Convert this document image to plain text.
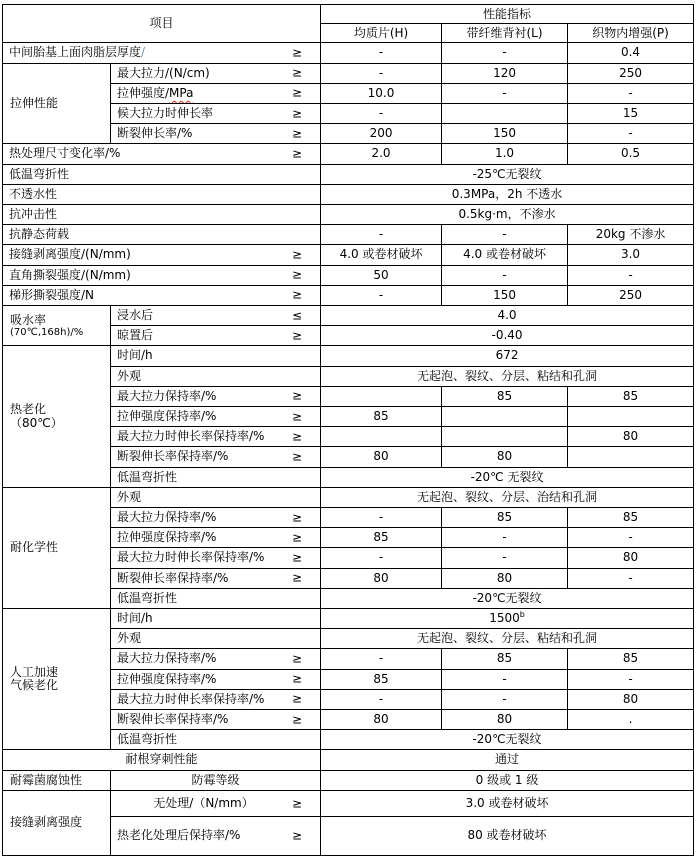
项目		性能指标		
		均质片(H)	带纤维背衬(L)	织物内增强(P)
中间胎基上面肉脂层厚度/ ≥		-	-	0.4
拉伸性能	最大拉力/(N/cm) ≥	-	120	250
	拉伸强度/MPa ≥	10.0	-	-
	候大拉力时伸长率 ≥	-		15
	断裂伸长率/% ≥	200	150	-
热处理尺寸变化率/% ≥		2.0	1.0	0.5
低温弯折性		-25℃无裂纹		
不透水性		0.3MPa，2h 不透水		
抗冲击性		0.5kg·m，不渗水		
抗静态荷载		-	-	20kg 不渗水
接缝剥离强度/(N/mm) ≥		4.0 或卷材破坏	4.0 或卷材破坏	3.0
直角撕裂强度/(N/mm) ≥		50	-	-
梯形撕裂强度/N ≥		-	150	250

吸水率
(70℃,168h)/%
	浸水后	≤	4.0
	晾置后 ≥	-0.40		

热老化
（80℃）	时间/h	672		
	外观	无起泡、裂纹、分层、粘结和孔洞		
	最大拉力保持率/% ≥		85	85
	拉伸强度保持率/% ≥	85		
	最大拉力时伸长率保持率/% ≥			80
	断裂伸长率保持率/% ≥	80	80	
	低温弯折性	-20℃ 无裂纹		
耐化学性	外观	无起泡、裂纹、分层、治结和孔洞		
	最大拉力保持率/% ≥	-	85	85
	拉伸强度保持率/% ≥	85	-	-
	最大拉力时伸长率保持率/% ≥	-	-	80
	断裂伸长率保持率/% ≥	80	80	-
	低温弯折性	-20℃无裂纹		

人工加速
气候老化	时间/h	1500$^b$
	外观	无起泡、裂纹、分层、粘结和孔洞		
	最大拉力保持率/% ≥	-	85	85
	拉伸强度保持率/% ≥	85	-	-
	最大拉力时伸长率保持率/% ≥	-	-	80
	断裂伸长率保持率/% ≥	80	80	.
	低温弯折性	-20℃无裂纹		
耐根穿刺性能		通过		
耐霉菌腐蚀性	防霉等级	0 级或 1 级		
接缝剥离强度	无处理/（N/mm） ≥	3.0 或卷材破坏		
	热老化处理后保持率/% ≥	80 或卷材破坏		
